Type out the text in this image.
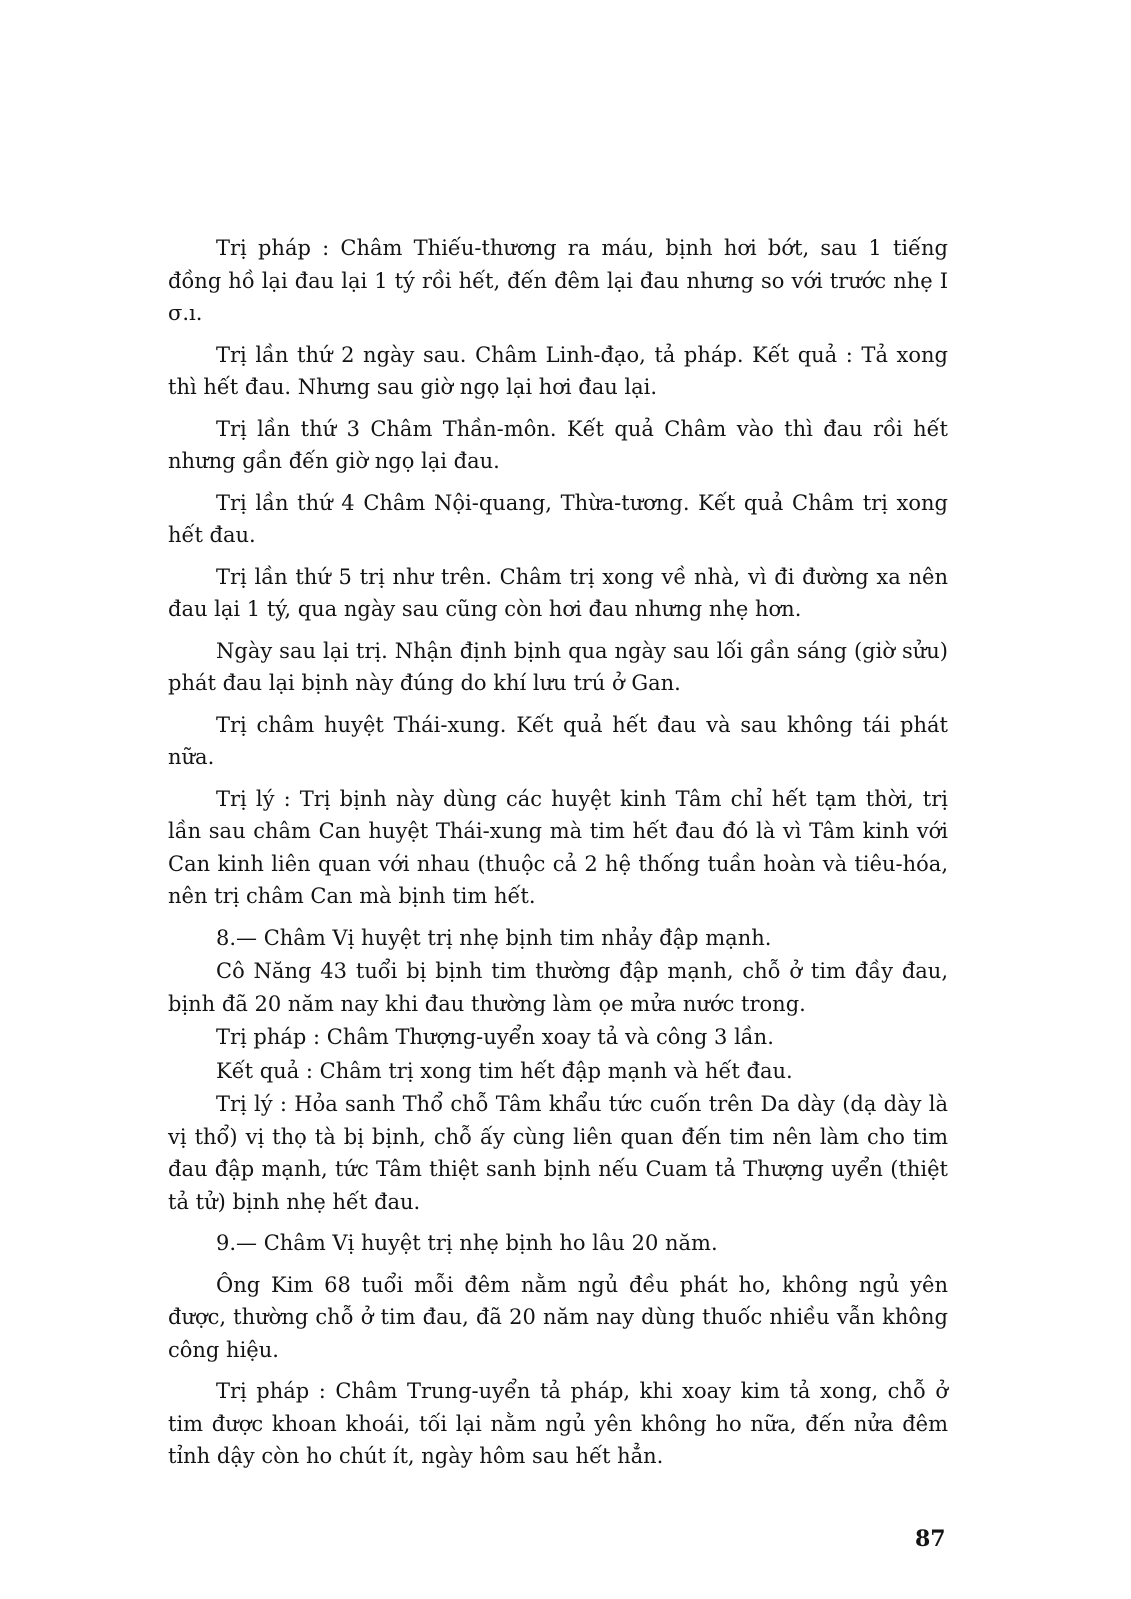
Trị pháp : Châm Thiếu-thương ra máu, bịnh hơi bớt, sau 1 tiếng đồng hồ lại đau lại 1 tý rồi hết, đến đêm lại đau nhưng so với trước nhẹ I σ.ı.

Trị lần thứ 2 ngày sau. Châm Linh-đạo, tả pháp. Kết quả : Tả xong thì hết đau. Nhưng sau giờ ngọ lại hơi đau lại.

Trị lần thứ 3 Châm Thần-môn. Kết quả Châm vào thì đau rồi hết nhưng gần đến giờ ngọ lại đau.

Trị lần thứ 4 Châm Nội-quang, Thừa-tương. Kết quả Châm trị xong hết đau.

Trị lần thứ 5 trị như trên. Châm trị xong về nhà, vì đi đường xa nên đau lại 1 tý, qua ngày sau cũng còn hơi đau nhưng nhẹ hơn.

Ngày sau lại trị. Nhận định bịnh qua ngày sau lối gần sáng (giờ sửu) phát đau lại bịnh này đúng do khí lưu trú ở Gan.

Trị châm huyệt Thái-xung. Kết quả hết đau và sau không tái phát nữa.

Trị lý : Trị bịnh này dùng các huyệt kinh Tâm chỉ hết tạm thời, trị lần sau châm Can huyệt Thái-xung mà tim hết đau đó là vì Tâm kinh với Can kinh liên quan với nhau (thuộc cả 2 hệ thống tuần hoàn và tiêu-hóa, nên trị châm Can mà bịnh tim hết.

8.— Châm Vị huyệt trị nhẹ bịnh tim nhảy đập mạnh.

Cô Năng 43 tuổi bị bịnh tim thường đập mạnh, chỗ ở tim đầy đau, bịnh đã 20 năm nay khi đau thường làm ọe mửa nước trong.

Trị pháp : Châm Thượng-uyển xoay tả và công 3 lần.

Kết quả : Châm trị xong tim hết đập mạnh và hết đau.

Trị lý : Hỏa sanh Thổ chỗ Tâm khẩu tức cuốn trên Da dày (dạ dày là vị thổ) vị thọ tà bị bịnh, chỗ ấy cùng liên quan đến tim nên làm cho tim đau đập mạnh, tức Tâm thiệt sanh bịnh nếu Cuam tả Thượng uyển (thiệt tả tử) bịnh nhẹ hết đau.

9.— Châm Vị huyệt trị nhẹ bịnh ho lâu 20 năm.

Ông Kim 68 tuổi mỗi đêm nằm ngủ đều phát ho, không ngủ yên được, thường chỗ ở tim đau, đã 20 năm nay dùng thuốc nhiều vẫn không công hiệu.

Trị pháp : Châm Trung-uyển tả pháp, khi xoay kim tả xong, chỗ ở tim được khoan khoái, tối lại nằm ngủ yên không ho nữa, đến nửa đêm tỉnh dậy còn ho chút ít, ngày hôm sau hết hẳn.

87
